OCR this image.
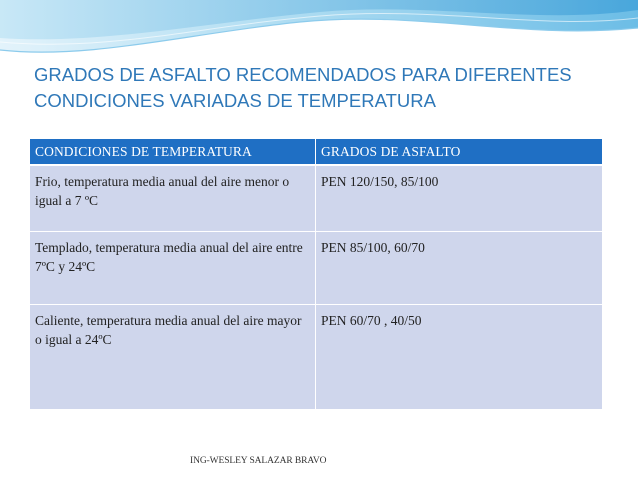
GRADOS DE ASFALTO RECOMENDADOS PARA DIFERENTES
CONDICIONES VARIADAS DE TEMPERATURA
CONDICIONES DE TEMPERATURA	GRADOS DE ASFALTO
Frio, temperatura media anual del aire menor o igual a 7 ºC	PEN 120/150, 85/100
Templado, temperatura media anual del aire entre 7ºC y 24ºC	PEN 85/100, 60/70
Caliente, temperatura media anual del aire mayor o igual a 24ºC	PEN 60/70 , 40/50
ING-WESLEY SALAZAR BRAVO
